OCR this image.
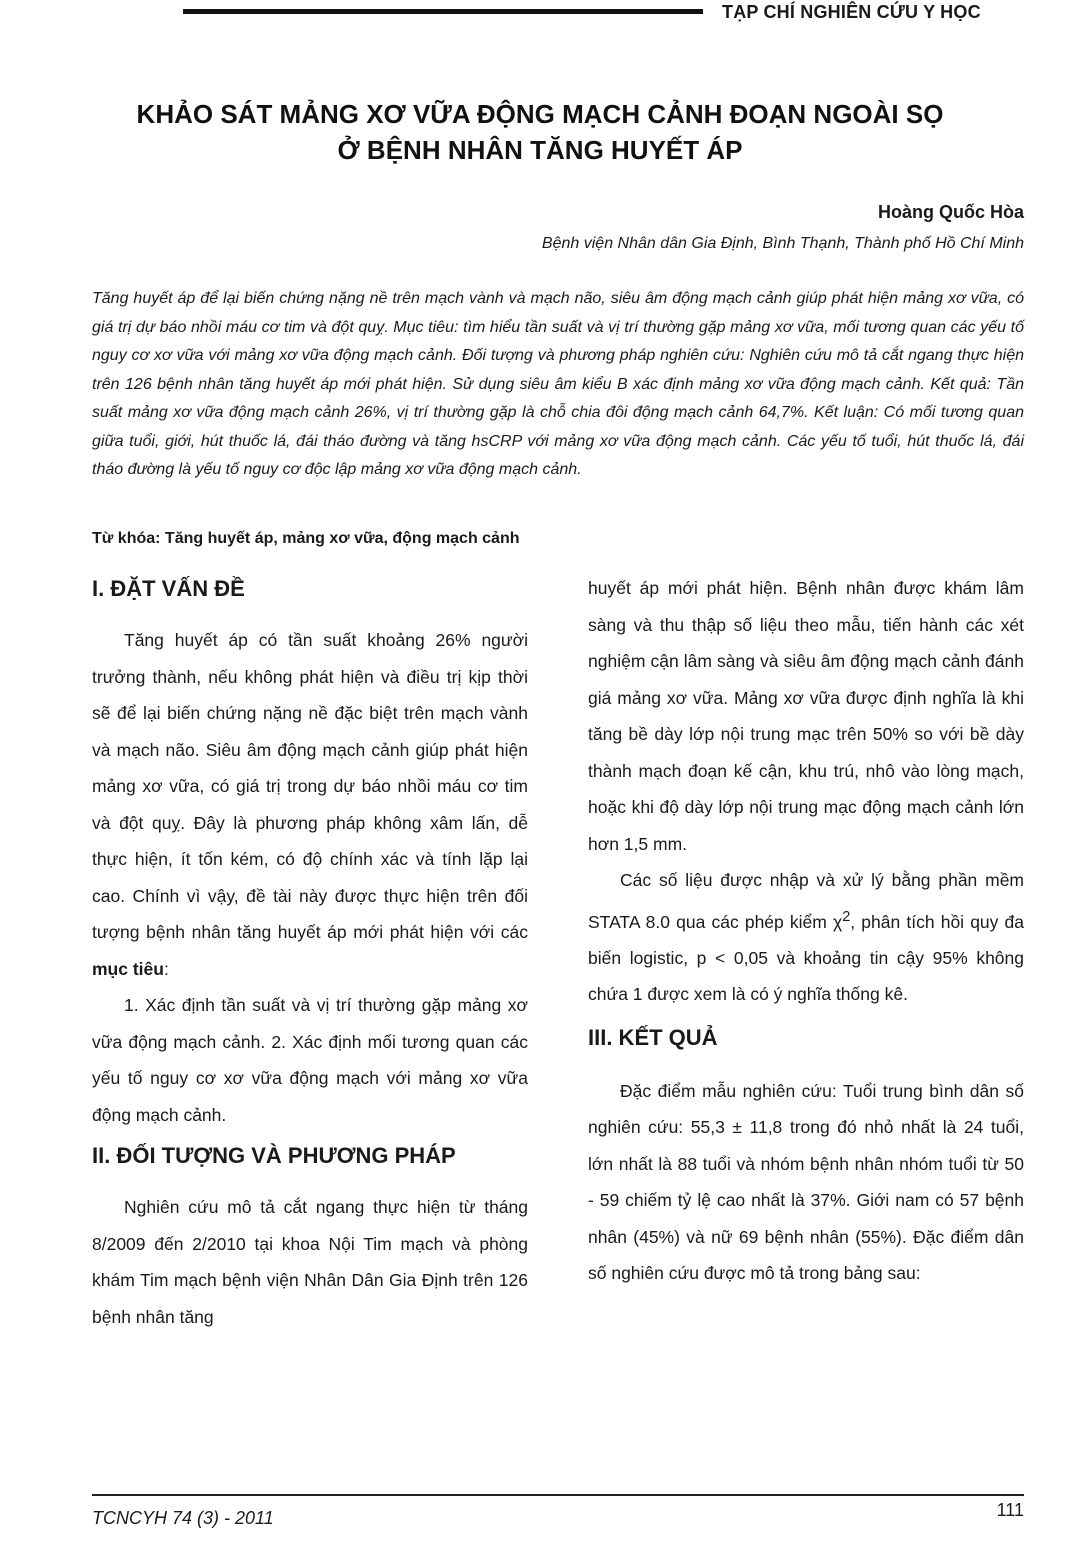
TẠP CHÍ NGHIÊN CỨU Y HỌC
KHẢO SÁT MẢNG XƠ VỮA ĐỘNG MẠCH CẢNH ĐOẠN NGOÀI SỌ
Ở BỆNH NHÂN TĂNG HUYẾT ÁP
Hoàng Quốc Hòa
Bệnh viện Nhân dân Gia Định, Bình Thạnh, Thành phố Hồ Chí Minh
Tăng huyết áp để lại biến chứng nặng nề trên mạch vành và mạch não, siêu âm động mạch cảnh giúp phát hiện mảng xơ vữa, có giá trị dự báo nhồi máu cơ tim và đột quỵ. Mục tiêu: tìm hiểu tần suất và vị trí thường gặp mảng xơ vữa, mối tương quan các yếu tố nguy cơ xơ vữa với mảng xơ vữa động mạch cảnh. Đối tượng và phương pháp nghiên cứu: Nghiên cứu mô tả cắt ngang thực hiện trên 126 bệnh nhân tăng huyết áp mới phát hiện. Sử dụng siêu âm kiểu B xác định mảng xơ vữa động mạch cảnh. Kết quả: Tần suất mảng xơ vữa động mạch cảnh 26%, vị trí thường gặp là chỗ chia đôi động mạch cảnh 64,7%. Kết luận: Có mối tương quan giữa tuổi, giới, hút thuốc lá, đái tháo đường và tăng hsCRP với mảng xơ vữa động mạch cảnh. Các yếu tố tuổi, hút thuốc lá, đái tháo đường là yếu tố nguy cơ độc lập mảng xơ vữa động mạch cảnh.
Từ khóa: Tăng huyết áp, mảng xơ vữa, động mạch cảnh
I. ĐẶT VẤN ĐỀ

Tăng huyết áp có tần suất khoảng 26% người trưởng thành, nếu không phát hiện và điều trị kịp thời sẽ để lại biến chứng nặng nề đặc biệt trên mạch vành và mạch não. Siêu âm động mạch cảnh giúp phát hiện mảng xơ vữa, có giá trị trong dự báo nhồi máu cơ tim và đột quỵ. Đây là phương pháp không xâm lấn, dễ thực hiện, ít tốn kém, có độ chính xác và tính lặp lại cao. Chính vì vậy, đề tài này được thực hiện trên đối tượng bệnh nhân tăng huyết áp mới phát hiện với các mục tiêu:

1. Xác định tần suất và vị trí thường gặp mảng xơ vữa động mạch cảnh. 2. Xác định mối tương quan các yếu tố nguy cơ xơ vữa động mạch với mảng xơ vữa động mạch cảnh.

II. ĐỐI TƯỢNG VÀ PHƯƠNG PHÁP

Nghiên cứu mô tả cắt ngang thực hiện từ tháng 8/2009 đến 2/2010 tại khoa Nội Tim mạch và phòng khám Tim mạch bệnh viện Nhân Dân Gia Định trên 126 bệnh nhân tăng

huyết áp mới phát hiện. Bệnh nhân được khám lâm sàng và thu thập số liệu theo mẫu, tiến hành các xét nghiệm cận lâm sàng và siêu âm động mạch cảnh đánh giá mảng xơ vữa. Mảng xơ vữa được định nghĩa là khi tăng bề dày lớp nội trung mạc trên 50% so với bề dày thành mạch đoạn kế cận, khu trú, nhô vào lòng mạch, hoặc khi độ dày lớp nội trung mạc động mạch cảnh lớn hơn 1,5 mm.

Các số liệu được nhập và xử lý bằng phần mềm STATA 8.0 qua các phép kiểm $\chi^2$, phân tích hồi quy đa biến logistic, p < 0,05 và khoảng tin cậy 95% không chứa 1 được xem là có ý nghĩa thống kê.

III. KẾT QUẢ

Đặc điểm mẫu nghiên cứu: Tuổi trung bình dân số nghiên cứu: 55,3 ± 11,8 trong đó nhỏ nhất là 24 tuổi, lớn nhất là 88 tuổi và nhóm bệnh nhân nhóm tuổi từ 50 - 59 chiếm tỷ lệ cao nhất là 37%. Giới nam có 57 bệnh nhân (45%) và nữ 69 bệnh nhân (55%). Đặc điểm dân số nghiên cứu được mô tả trong bảng sau:

TCNCYH 74 (3) - 2011	111
